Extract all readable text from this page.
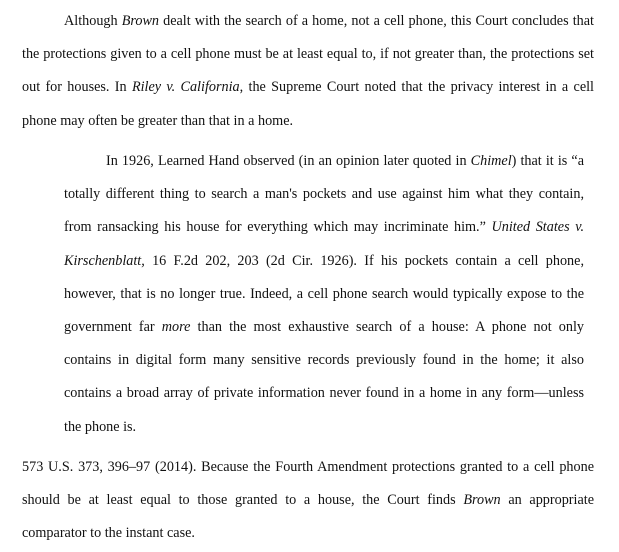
Although Brown dealt with the search of a home, not a cell phone, this Court concludes that the protections given to a cell phone must be at least equal to, if not greater than, the protections set out for houses. In Riley v. California, the Supreme Court noted that the privacy interest in a cell phone may often be greater than that in a home.

In 1926, Learned Hand observed (in an opinion later quoted in Chimel) that it is “a totally different thing to search a man's pockets and use against him what they contain, from ransacking his house for everything which may incriminate him.” United States v. Kirschenblatt, 16 F.2d 202, 203 (2d Cir. 1926). If his pockets contain a cell phone, however, that is no longer true. Indeed, a cell phone search would typically expose to the government far more than the most exhaustive search of a house: A phone not only contains in digital form many sensitive records previously found in the home; it also contains a broad array of private information never found in a home in any form—unless the phone is.

573 U.S. 373, 396–97 (2014). Because the Fourth Amendment protections granted to a cell phone should be at least equal to those granted to a house, the Court finds Brown an appropriate comparator to the instant case.
